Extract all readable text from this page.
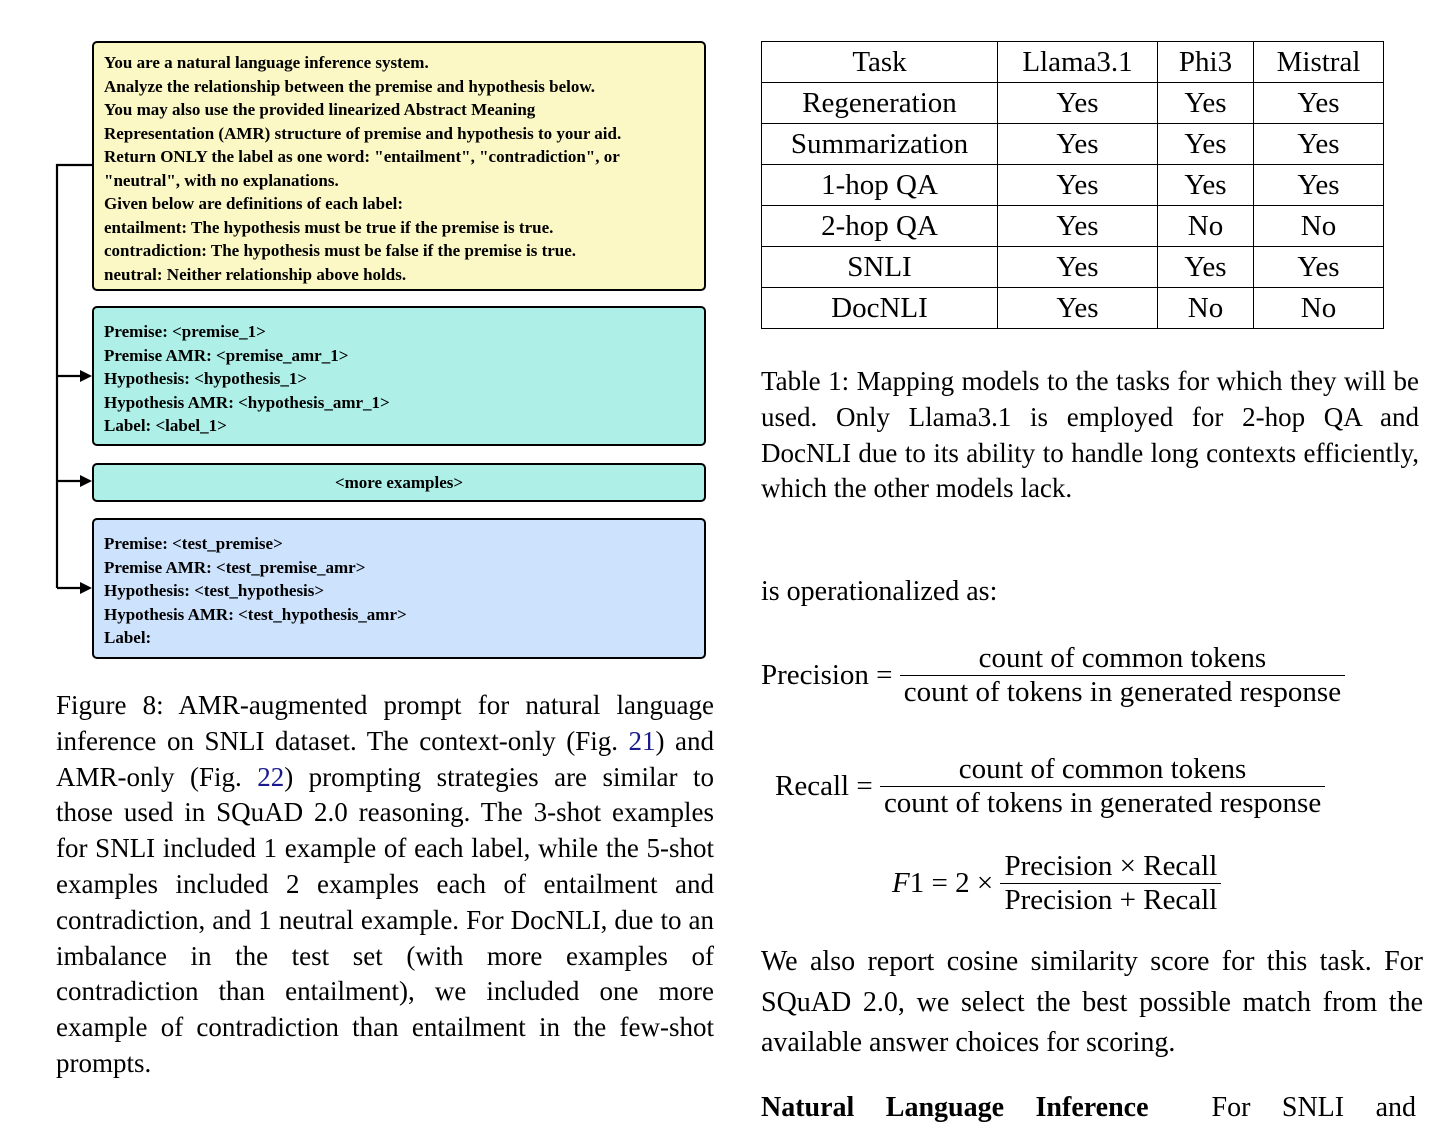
You are a natural language inference system.
Analyze the relationship between the premise and hypothesis below.
You may also use the provided linearized Abstract Meaning
Representation (AMR) structure of premise and hypothesis to your aid.
Return ONLY the label as one word: "entailment", "contradiction", or
"neutral", with no explanations.
Given below are definitions of each label:
entailment: The hypothesis must be true if the premise is true.
contradiction: The hypothesis must be false if the premise is true.
neutral: Neither relationship above holds.
Premise: <premise_1>
Premise AMR: <premise_amr_1>
Hypothesis: <hypothesis_1>
Hypothesis AMR: <hypothesis_amr_1>
Label: <label_1>
<more examples>
Premise: <test_premise>
Premise AMR: <test_premise_amr>
Hypothesis: <test_hypothesis>
Hypothesis AMR: <test_hypothesis_amr>
Label:
Figure 8: AMR-augmented prompt for natural language inference on SNLI dataset. The context-only (Fig. 21) and AMR-only (Fig. 22) prompting strategies are similar to those used in SQuAD 2.0 reasoning. The 3-shot examples for SNLI included 1 example of each label, while the 5-shot examples included 2 examples each of entailment and contradiction, and 1 neutral example. For DocNLI, due to an imbalance in the test set (with more examples of contradiction than entailment), we included one more example of contradiction than entailment in the few-shot prompts.
Task	Llama3.1	Phi3	Mistral
Regeneration	Yes	Yes	Yes
Summarization	Yes	Yes	Yes
1-hop QA	Yes	Yes	Yes
2-hop QA	Yes	No	No
SNLI	Yes	Yes	Yes
DocNLI	Yes	No	No
Table 1: Mapping models to the tasks for which they will be used. Only Llama3.1 is employed for 2-hop QA and DocNLI due to its ability to handle long contexts efficiently, which the other models lack.
is operationalized as:
Precision = $\frac{\text{count of common tokens}}{\text{count of tokens in generated response}}$
Recall = $\frac{\text{count of common tokens}}{\text{count of tokens in generated response}}$
$F1 = 2 \times \frac{\text{Precision × Recall}}{\text{Precision + Recall}}$
We also report cosine similarity score for this task. For SQuAD 2.0, we select the best possible match from the available answer choices for scoring.
Natural Language Inference For SNLI and
